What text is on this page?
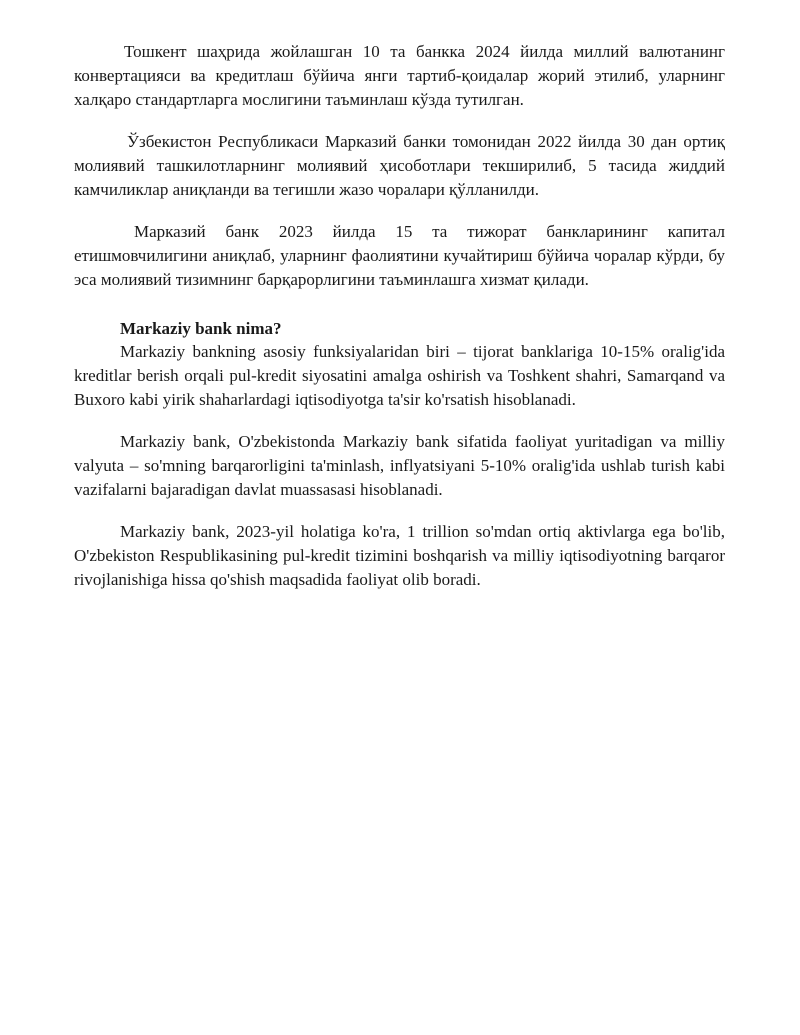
Тошкент шаҳрида жойлашган 10 та банкка 2024 йилда миллий валютанинг конвертацияси ва кредитлаш бўйича янги тартиб-қоидалар жорий этилиб, уларнинг халқаро стандартларга мослигини таъминлаш кўзда тутилган.

Ўзбекистон Республикаси Марказий банки томонидан 2022 йилда 30 дан ортиқ молиявий ташкилотларнинг молиявий ҳисоботлари текширилиб, 5 тасида жиддий камчиликлар аниқланди ва тегишли жазо чоралари қўлланилди.

Марказий банк 2023 йилда 15 та тижорат банкларининг капитал етишмовчилигини аниқлаб, уларнинг фаолиятини кучайтириш бўйича чоралар кўрди, бу эса молиявий тизимнинг барқарорлигини таъминлашга хизмат қилади.

Markaziy bank nima?

Markaziy bankning asosiy funksiyalaridan biri – tijorat banklariga 10-15% oralig'ida kreditlar berish orqali pul-kredit siyosatini amalga oshirish va Toshkent shahri, Samarqand va Buxoro kabi yirik shaharlardagi iqtisodiyotga ta'sir ko'rsatish hisoblanadi.

Markaziy bank, O'zbekistonda Markaziy bank sifatida faoliyat yuritadigan va milliy valyuta – so'mning barqarorligini ta'minlash, inflyatsiyani 5-10% oralig'ida ushlab turish kabi vazifalarni bajaradigan davlat muassasasi hisoblanadi.

Markaziy bank, 2023-yil holatiga ko'ra, 1 trillion so'mdan ortiq aktivlarga ega bo'lib, O'zbekiston Respublikasining pul-kredit tizimini boshqarish va milliy iqtisodiyotning barqaror rivojlanishiga hissa qo'shish maqsadida faoliyat olib boradi.
